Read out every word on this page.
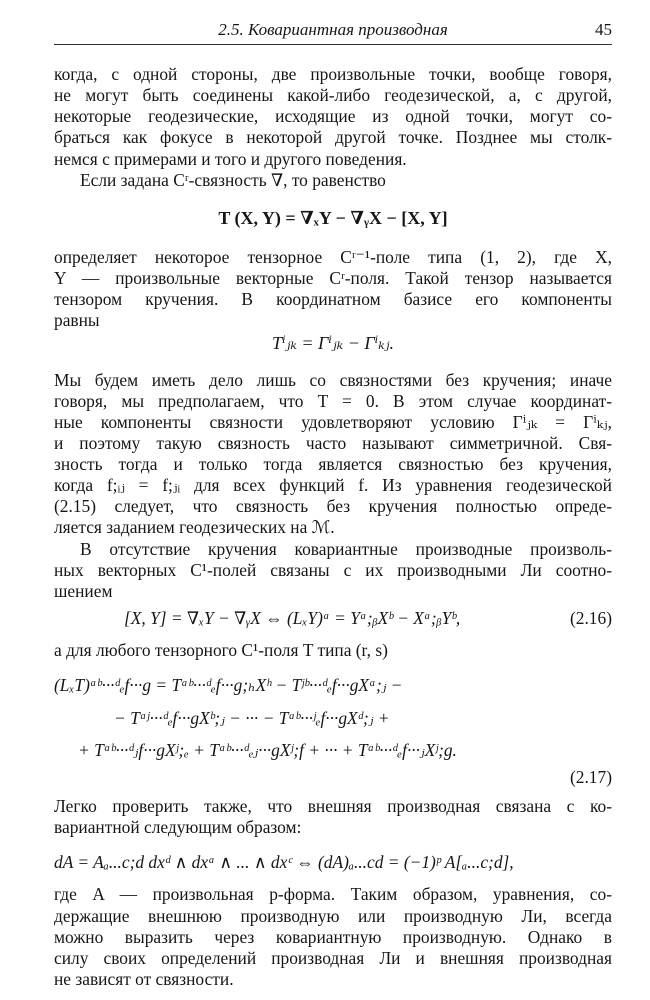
2.5. Ковариантная производная	45
когда, с одной стороны, две произвольные точки, вообще говоря,
не могут быть соединены какой-либо геодезической, а, с другой,
некоторые геодезические, исходящие из одной точки, могут со-
браться как фокусе в некоторой другой точке. Позднее мы столк-
немся с примерами и того и другого поведения.
Если задана Cʳ-связность ∇, то равенство
T (X, Y) = ∇ₓY − ∇ᵧX − [X, Y]
определяет некоторое тензорное Cʳ⁻¹-поле типа (1, 2), где X,
Y — произвольные векторные Cʳ-поля. Такой тензор называется
тензором кручения. В координатном базисе его компоненты
равны
Tⁱⱼₖ = Γⁱⱼₖ − Γⁱₖⱼ.
Мы будем иметь дело лишь со связностями без кручения; иначе
говоря, мы предполагаем, что T = 0. В этом случае координат-
ные компоненты связности удовлетворяют условию Γⁱⱼₖ = Γⁱₖⱼ,
и поэтому такую связность часто называют симметричной. Свя-
зность тогда и только тогда является связностью без кручения,
когда f;ᵢⱼ = f;ⱼᵢ для всех функций f. Из уравнения геодезической
(2.15) следует, что связность без кручения полностью опреде-
ляется заданием геодезических на ℳ.
В отсутствие кручения ковариантные производные произволь-
ных векторных C¹-полей связаны с их производными Ли соотно-
шением
[X, Y] = ∇ₓY − ∇ᵧX ⇔ (LₓY)ᵃ = Yᵃ;ᵦXᵇ − Xᵃ;ᵦYᵇ,	(2.16)
а для любого тензорного C¹-поля T типа (r, s)
(LₓT)ᵃᵇ···ᵈₑf···g = Tᵃᵇ···ᵈₑf···g;ₕXʰ − Tʲᵇ···ᵈₑf···gXᵃ;ⱼ −
− Tᵃʲ···ᵈₑf···gXᵇ;ⱼ − ··· − Tᵃᵇ···ʲₑf···gXᵈ;ⱼ +
+ Tᵃᵇ···ᵈⱼf···gXʲ;ₑ + Tᵃᵇ···ᵈₑⱼ···gXʲ;f + ··· + Tᵃᵇ···ᵈₑf···ⱼXʲ;g.
(2.17)
Легко проверить также, что внешняя производная связана с ко-
вариантной следующим образом:
dA = Aₐ...c;d dxᵈ ∧ dxᵃ ∧ ... ∧ dxᶜ ⇔ (dA)ₐ...cd = (−1)ᵖ A[ₐ...c;d],
где A — произвольная p-форма. Таким образом, уравнения, со-
держащие внешнюю производную или производную Ли, всегда
можно выразить через ковариантную производную. Однако в
силу своих определений производная Ли и внешняя производная
не зависят от связности.
